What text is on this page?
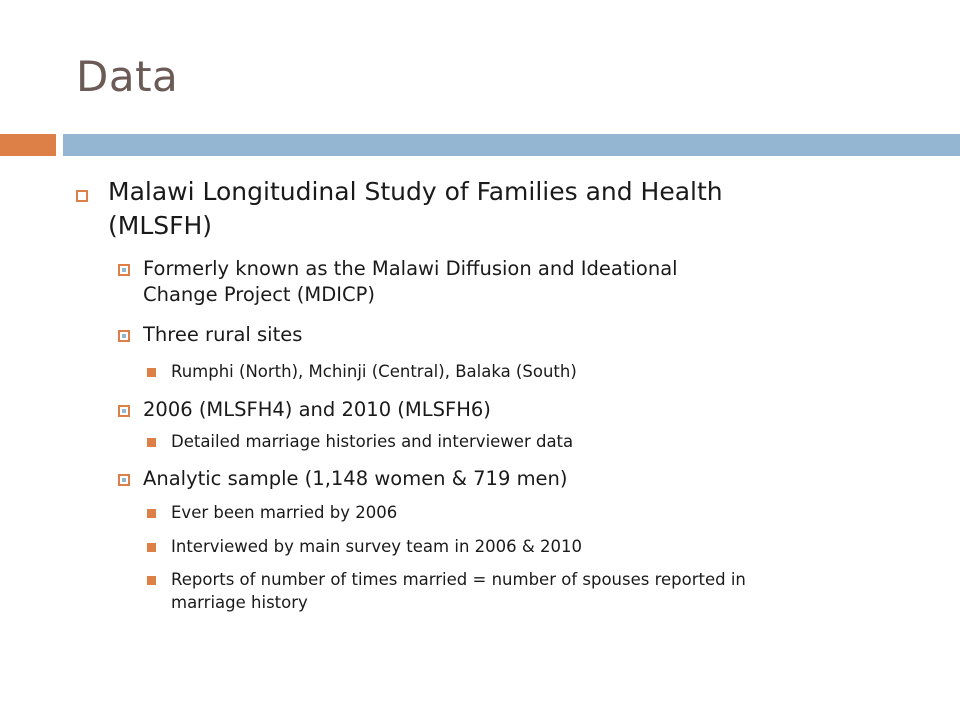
Data
Malawi Longitudinal Study of Families and Health
(MLSFH)
Formerly known as the Malawi Diffusion and Ideational
Change Project (MDICP)
Three rural sites
Rumphi (North), Mchinji (Central), Balaka (South)
2006 (MLSFH4) and 2010 (MLSFH6)
Detailed marriage histories and interviewer data
Analytic sample (1,148 women & 719 men)
Ever been married by 2006
Interviewed by main survey team in 2006 & 2010
Reports of number of times married = number of spouses reported in
marriage history
